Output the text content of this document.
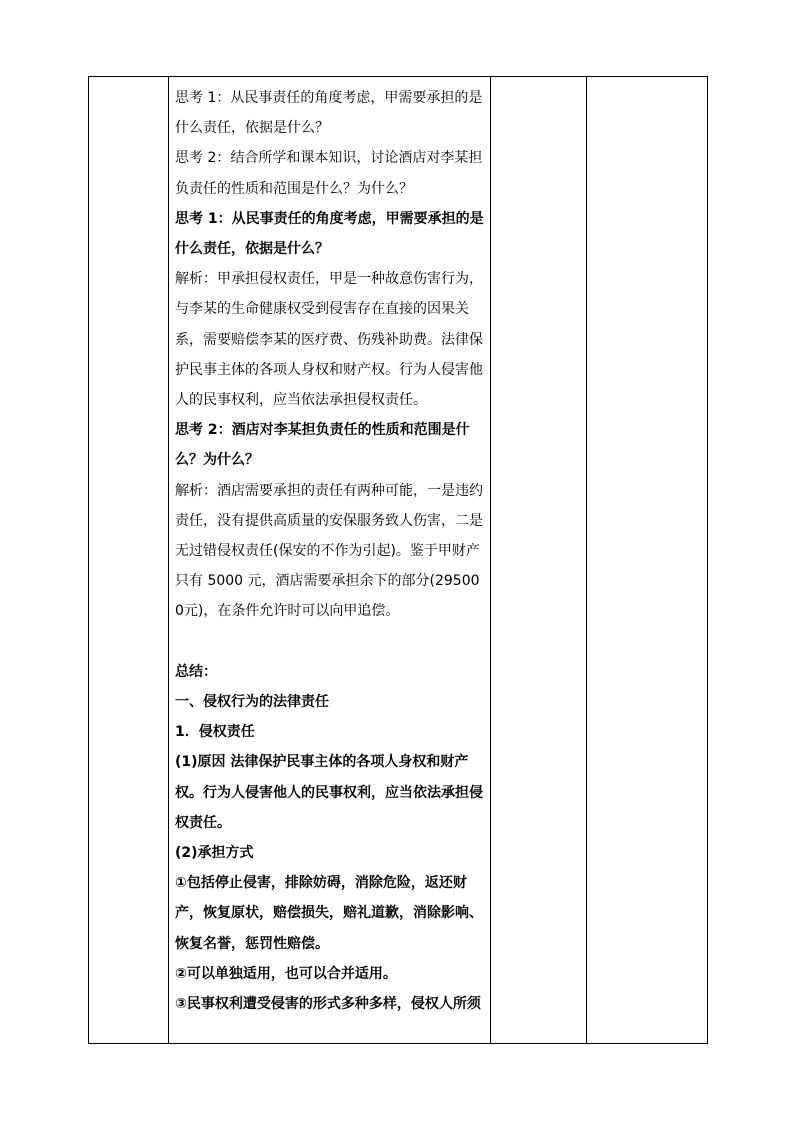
思考 1：从民事责任的角度考虑，甲需要承担的是什么责任，依据是什么？

思考 2：结合所学和课本知识，讨论酒店对李某担负责任的性质和范围是什么？为什么？

思考 1：从民事责任的角度考虑，甲需要承担的是什么责任，依据是什么？

解析：甲承担侵权责任，甲是一种故意伤害行为，与李某的生命健康权受到侵害存在直接的因果关系，需要赔偿李某的医疗费、伤残补助费。法律保护民事主体的各项人身权和财产权。行为人侵害他人的民事权利，应当依法承担侵权责任。

思考 2：酒店对李某担负责任的性质和范围是什么？为什么？

解析：酒店需要承担的责任有两种可能，一是违约责任，没有提供高质量的安保服务致人伤害，二是无过错侵权责任(保安的不作为引起)。鉴于甲财产只有 5000 元，酒店需要承担余下的部分(295000元)，在条件允许时可以向甲追偿。

总结：

一、侵权行为的法律责任

1．侵权责任

(1)原因 法律保护民事主体的各项人身权和财产权。行为人侵害他人的民事权利，应当依法承担侵权责任。

(2)承担方式

①包括停止侵害，排除妨碍，消除危险，返还财产，恢复原状，赔偿损失，赔礼道歉，消除影响、恢复名誉，惩罚性赔偿。

②可以单独适用，也可以合并适用。

③民事权利遭受侵害的形式多种多样，侵权人所须
